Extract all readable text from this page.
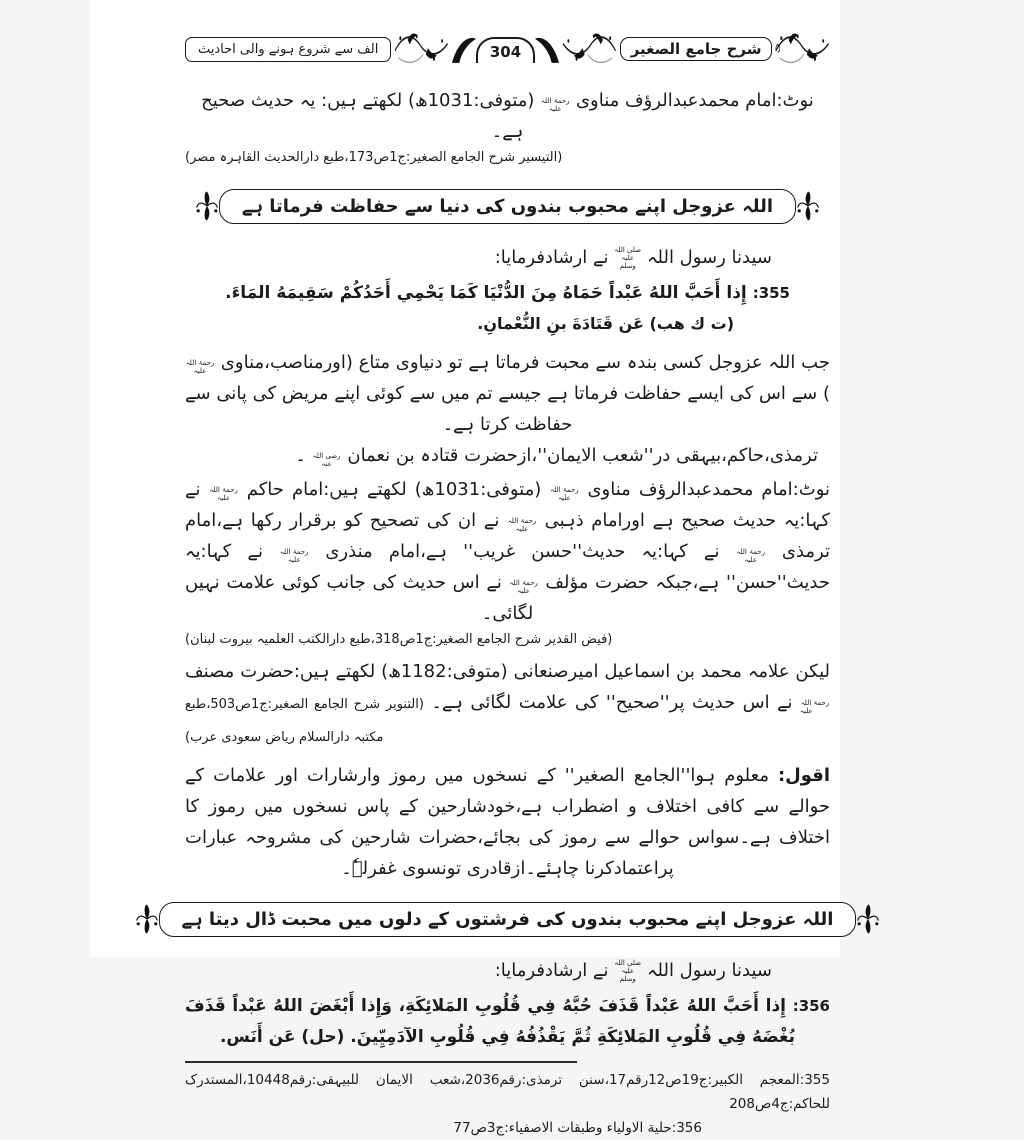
شرح جامع الصغیر
304
الف سے شروع ہونے والی احادیث
نوٹ:امام محمدعبدالرؤف مناوی رحمۃ اللہ علیہ (متوفی:1031ھ) لکھتے ہیں: یہ حدیث صحیح ہے۔
(التیسیر شرح الجامع الصغیر:ج1ص173،طبع دارالحدیث القاہرہ مصر)
اللہ عزوجل اپنے محبوب بندوں کی دنیا سے حفاظت فرماتا ہے
سیدنا رسول اللہ صلی اللہ علیہ وسلم نے ارشادفرمایا:
355: إِذا أَحَبَّ اللهُ عَبْداً حَمَاهُ مِنَ الدُّنْيَا كَمَا يَحْمِي أَحَدُكُمْ سَقِيمَهُ المَاءَ.
(ت ك هب) عَن قَتَادَةَ بنِ النُّعْمانِ.
جب اللہ عزوجل کسی بندہ سے محبت فرماتا ہے تو دنیاوی متاع (اورمناصب،مناوی رحمۃ اللہ علیہ ) سے اس کی ایسے حفاظت فرماتا ہے جیسے تم میں سے کوئی اپنے مریض کی پانی سے حفاظت کرتا ہے۔
ترمذی،حاکم،بیہقی در''شعب الایمان''،ازحضرت قتادہ بن نعمان رضی اللہ عنہ ۔
نوٹ:امام محمدعبدالرؤف مناوی رحمۃ اللہ علیہ (متوفی:1031ھ) لکھتے ہیں:امام حاکم رحمۃ اللہ علیہ نے کہا:یہ حدیث صحیح ہے اورامام ذہبی رحمۃ اللہ علیہ نے ان کی تصحیح کو برقرار رکھا ہے،امام ترمذی رحمۃ اللہ علیہ نے کہا:یہ حدیث''حسن غریب'' ہے،امام منذری رحمۃ اللہ علیہ نے کہا:یہ حدیث''حسن'' ہے،جبکہ حضرت مؤلف رحمۃ اللہ علیہ نے اس حدیث کی جانب کوئی علامت نہیں لگائی۔
(فیض القدیر شرح الجامع الصغیر:ج1ص318،طبع دارالکتب العلمیہ بیروت لبنان)
لیکن علامہ محمد بن اسماعیل امیرصنعانی (متوفی:1182ھ) لکھتے ہیں:حضرت مصنف رحمۃ اللہ علیہ نے اس حدیث پر''صحیح'' کی علامت لگائی ہے۔ (التنویر شرح الجامع الصغیر:ج1ص503،طبع مکتبہ دارالسلام ریاض سعودی عرب)
اقول: معلوم ہوا''الجامع الصغیر'' کے نسخوں میں رموز وارشارات اور علامات کے حوالے سے کافی اختلاف و اضطراب ہے،خودشارحین کے پاس نسخوں میں رموز کا اختلاف ہے۔سواس حوالے سے رموز کی بجائے،حضرات شارحین کی مشروحہ عبارات پراعتمادکرنا چاہئے۔ازقادری تونسوی غفرلہٗ۔
اللہ عزوجل اپنے محبوب بندوں کی فرشتوں کے دلوں میں محبت ڈال دیتا ہے
سیدنا رسول اللہ صلی اللہ علیہ وسلم نے ارشادفرمایا:
356: إِذا أَحَبَّ اللهُ عَبْداً قَذَفَ حُبَّهُ فِي قُلُوبِ المَلائِكَةِ، وَإِذا أَبْغَضَ اللهُ عَبْداً قَذَفَ بُغْضَهُ فِي قُلُوبِ المَلائِكَةِ ثُمَّ يَقْذُفُهُ فِي قُلُوبِ الآدَمِيِّينَ. (حل) عَن أَنَس.
355:المعجم الکبیر:ج19ص12رقم17،سنن ترمذی:رقم2036،شعب الایمان للبیہقی:رقم10448،المستدرک للحاکم:ج4ص208
356:حلیة الاولیاء وطبقات الاصفیاء:ج3ص77
